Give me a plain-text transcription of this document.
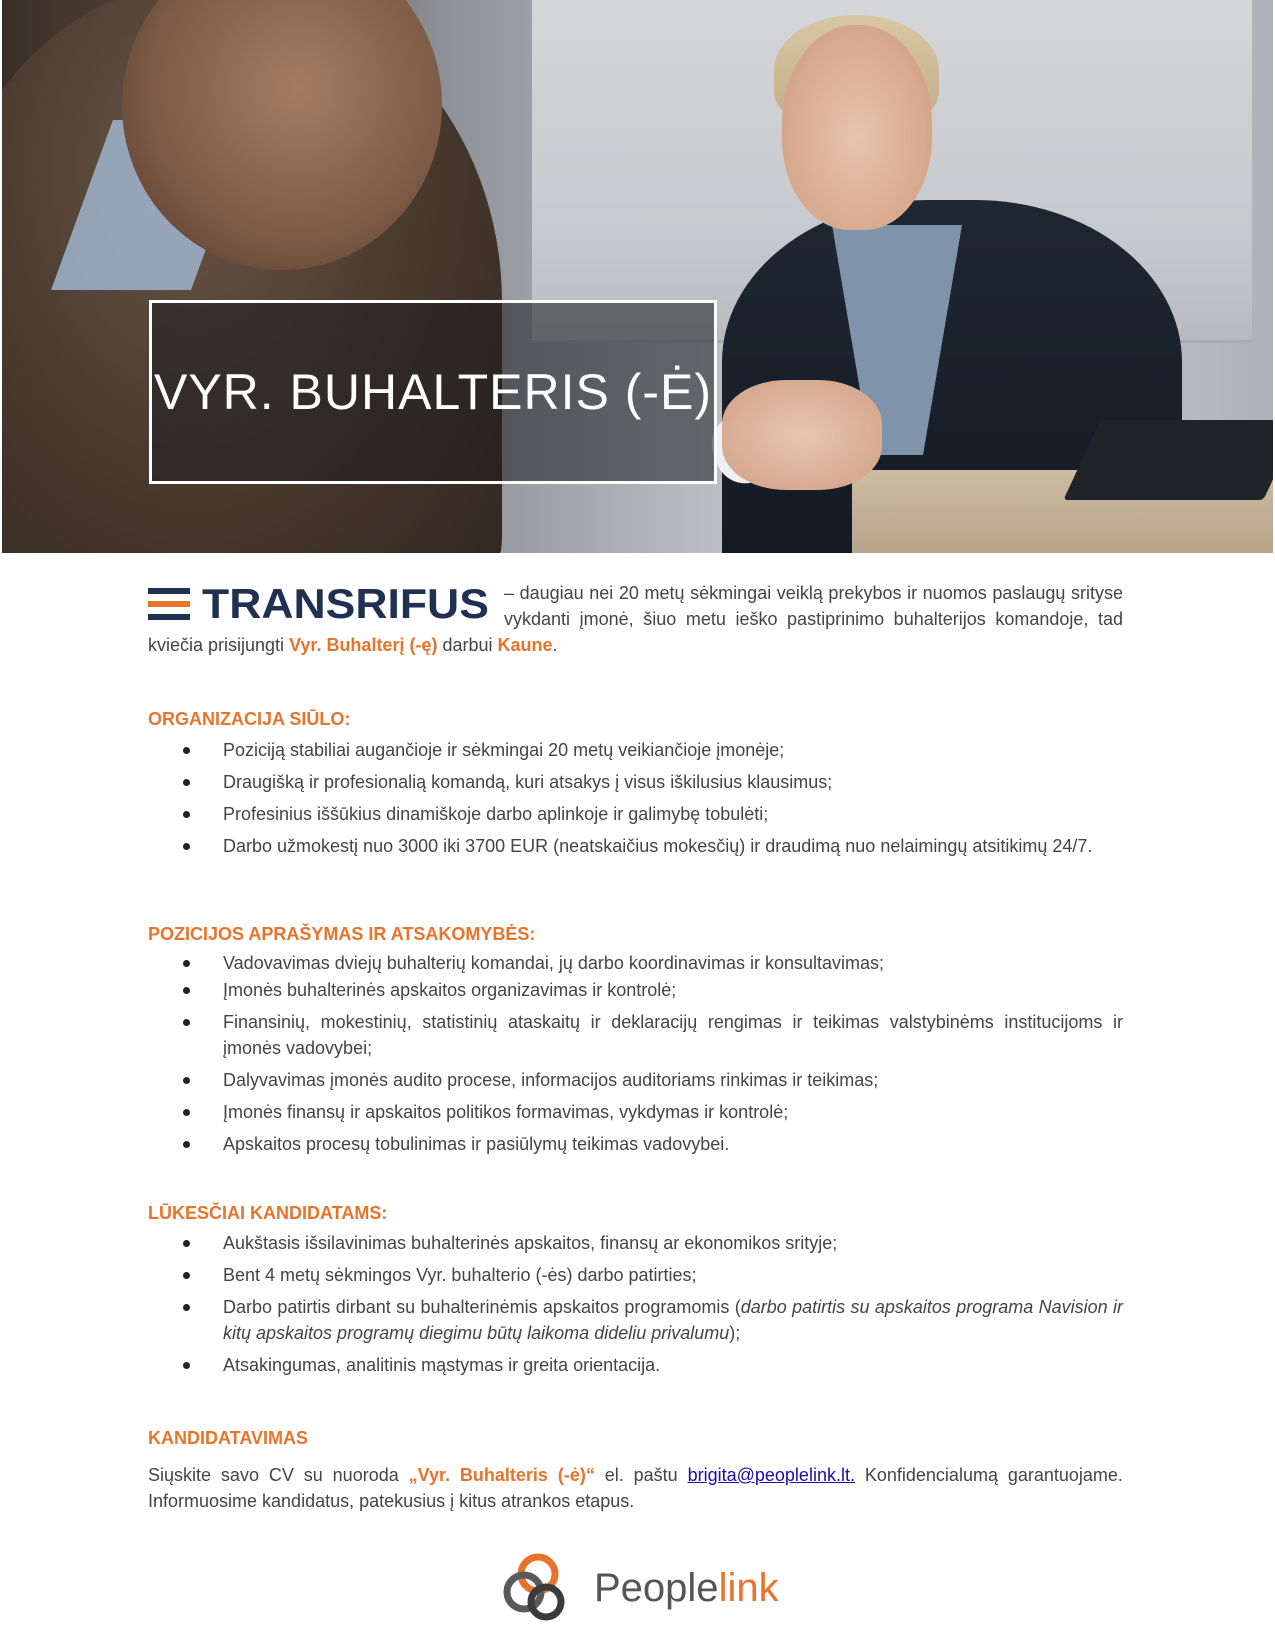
VYR. BUHALTERIS (-Ė)
TRANSRIFUS – daugiau nei 20 metų sėkmingai veiklą prekybos ir nuomos paslaugų srityse vykdanti įmonė, šiuo metu ieško pastiprinimo buhalterijos komandoje, tad kviečia prisijungti Vyr. Buhalterį (-ę) darbui Kaune.
ORGANIZACIJA SIŪLO:
Poziciją stabiliai augančioje ir sėkmingai 20 metų veikiančioje įmonėje;
Draugišką ir profesionalią komandą, kuri atsakys į visus iškilusius klausimus;
Profesinius iššūkius dinamiškoje darbo aplinkoje ir galimybę tobulėti;
Darbo užmokestį nuo 3000 iki 3700 EUR (neatskaičius mokesčių) ir draudimą nuo nelaimingų atsitikimų 24/7.
POZICIJOS APRAŠYMAS IR ATSAKOMYBĖS:
Vadovavimas dviejų buhalterių komandai, jų darbo koordinavimas ir konsultavimas;
Įmonės buhalterinės apskaitos organizavimas ir kontrolė;
Finansinių, mokestinių, statistinių ataskaitų ir deklaracijų rengimas ir teikimas valstybinėms institucijoms ir įmonės vadovybei;
Dalyvavimas įmonės audito procese, informacijos auditoriams rinkimas ir teikimas;
Įmonės finansų ir apskaitos politikos formavimas, vykdymas ir kontrolė;
Apskaitos procesų tobulinimas ir pasiūlymų teikimas vadovybei.
LŪKESČIAI KANDIDATAMS:
Aukštasis išsilavinimas buhalterinės apskaitos, finansų ar ekonomikos srityje;
Bent 4 metų sėkmingos Vyr. buhalterio (-ės) darbo patirties;
Darbo patirtis dirbant su buhalterinėmis apskaitos programomis (darbo patirtis su apskaitos programa Navision ir kitų apskaitos programų diegimu būtų laikoma dideliu privalumu);
Atsakingumas, analitinis mąstymas ir greita orientacija.
KANDIDATAVIMAS
Siųskite savo CV su nuoroda „Vyr. Buhalteris (-ė)“ el. paštu brigita@peoplelink.lt. Konfidencialumą garantuojame. Informuosime kandidatus, patekusius į kitus atrankos etapus.
Peoplelink
